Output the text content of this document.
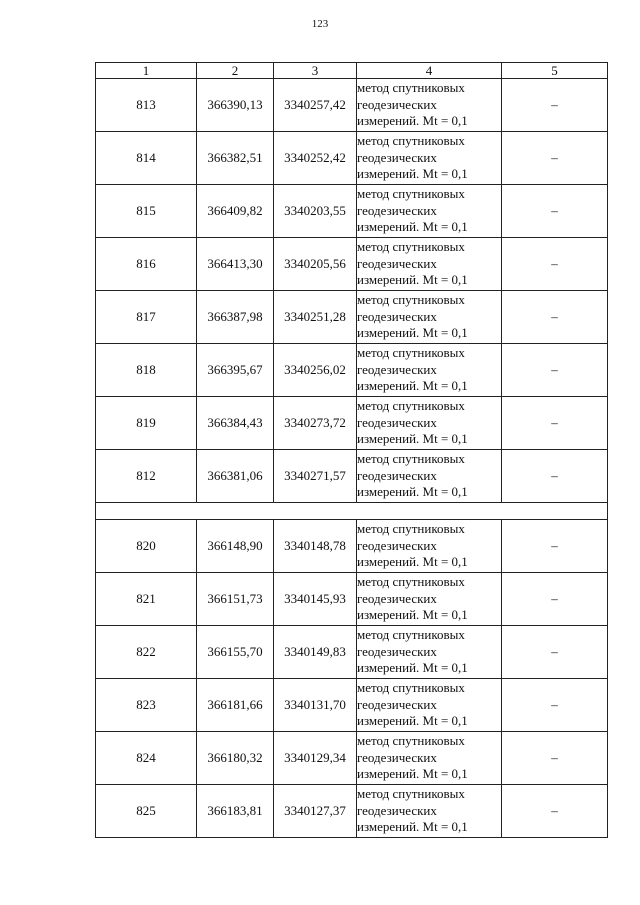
123
1	2	3	4	5
813	366390,13	3340257,42	метод спутниковых
геодезических
измерений. Mt = 0,1	–
814	366382,51	3340252,42	метод спутниковых
геодезических
измерений. Mt = 0,1	–
815	366409,82	3340203,55	метод спутниковых
геодезических
измерений. Mt = 0,1	–
816	366413,30	3340205,56	метод спутниковых
геодезических
измерений. Mt = 0,1	–
817	366387,98	3340251,28	метод спутниковых
геодезических
измерений. Mt = 0,1	–
818	366395,67	3340256,02	метод спутниковых
геодезических
измерений. Mt = 0,1	–
819	366384,43	3340273,72	метод спутниковых
геодезических
измерений. Mt = 0,1	–
812	366381,06	3340271,57	метод спутниковых
геодезических
измерений. Mt = 0,1	–

820	366148,90	3340148,78	метод спутниковых
геодезических
измерений. Mt = 0,1	–
821	366151,73	3340145,93	метод спутниковых
геодезических
измерений. Mt = 0,1	–
822	366155,70	3340149,83	метод спутниковых
геодезических
измерений. Mt = 0,1	–
823	366181,66	3340131,70	метод спутниковых
геодезических
измерений. Mt = 0,1	–
824	366180,32	3340129,34	метод спутниковых
геодезических
измерений. Mt = 0,1	–
825	366183,81	3340127,37	метод спутниковых
геодезических
измерений. Mt = 0,1	–
